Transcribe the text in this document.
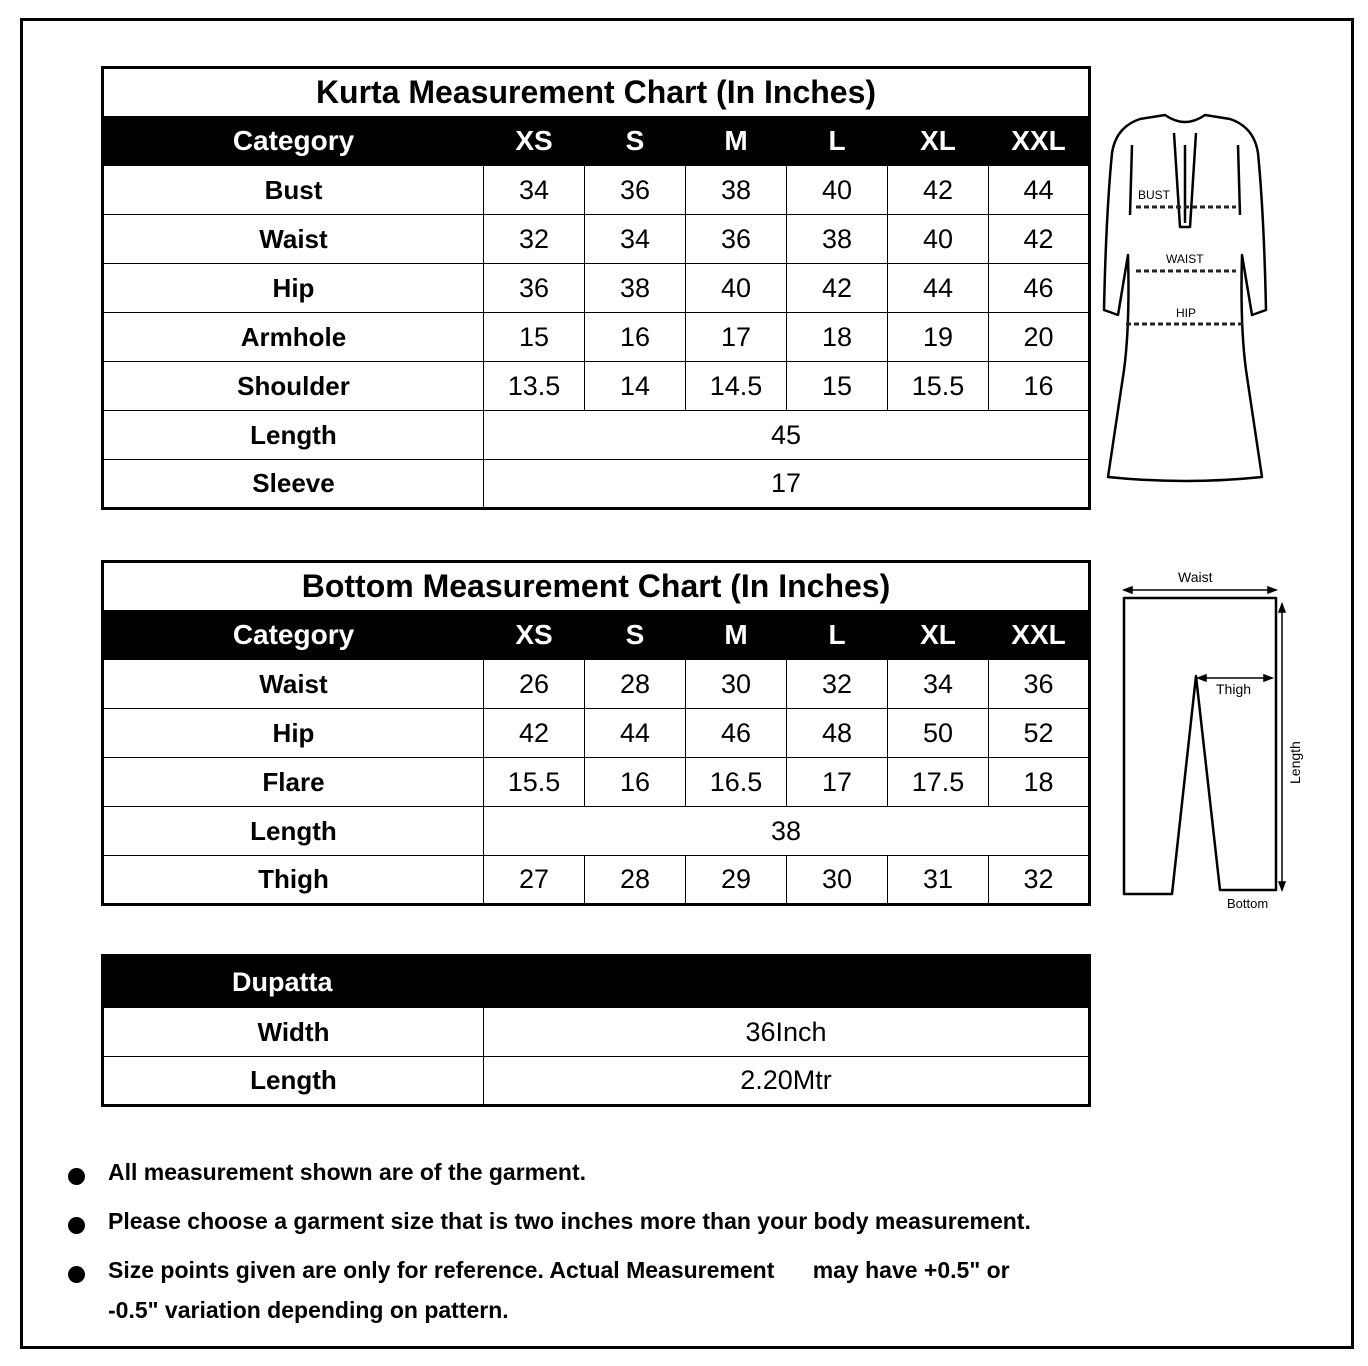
Kurta Measurement Chart (In Inches)						
Category	XS	S	M	L	XL	XXL
Bust	34	36	38	40	42	44
Waist	32	34	36	38	40	42
Hip	36	38	40	42	44	46
Armhole	15	16	17	18	19	20
Shoulder	13.5	14	14.5	15	15.5	16
Length	45					
Sleeve	17					
Bottom Measurement Chart (In Inches)						
Category	XS	S	M	L	XL	XXL
Waist	26	28	30	32	34	36
Hip	42	44	46	48	50	52
Flare	15.5	16	16.5	17	17.5	18
Length	38					
Thigh	27	28	29	30	31	32
Dupatta	
Width	36Inch
Length	2.20Mtr
BUST
WAIST
HIP
Waist
Thigh
Length
Bottom
All measurement shown are of the garment.
Please choose a garment size that is two inches more than your body measurement.
Size points given are only for reference. Actual Measurement      may have +0.5" or -0.5" variation depending on pattern.
